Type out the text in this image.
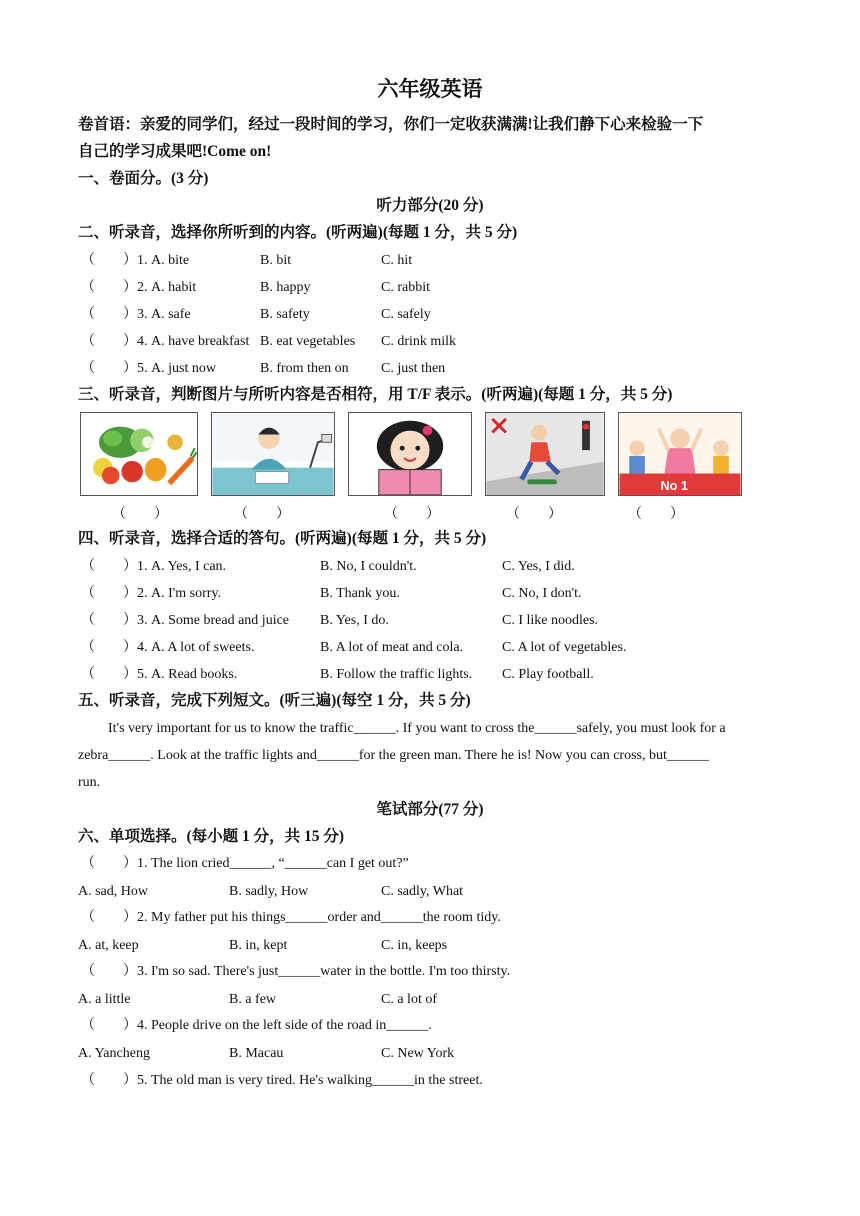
六年级英语
卷首语：亲爱的同学们，经过一段时间的学习，你们一定收获满满!让我们静下心来检验一下
自己的学习成果吧!Come on!
一、卷面分。(3 分)
听力部分(20 分)
二、听录音，选择你所听到的内容。(听两遍)(每题 1 分，共 5 分)
（　　）1. A. bite	B. bit	C. hit
（　　）2. A. habit	B. happy	C. rabbit
（　　）3. A. safe	B. safety	C. safely
（　　）4. A. have breakfast B. eat vegetables C. drink milk
（　　）5. A. just now	B. from then on C. just then
三、听录音，判断图片与所听内容是否相符，用 T/F 表示。(听两遍)(每题 1 分，共 5 分)
No 1
（　　）	（　　）	（　　）	（　　）	（　　）
四、听录音，选择合适的答句。(听两遍)(每题 1 分，共 5 分)
（　　）1. A. Yes, I can.	B. No, I couldn't.	C. Yes, I did.
（　　）2. A. I'm sorry.	B. Thank you.	C. No, I don't.
（　　）3. A. Some bread and juice B. Yes, I do.	C. I like noodles.
（　　）4. A. A lot of sweets.	B. A lot of meat and cola.	C. A lot of vegetables.
（　　）5. A. Read books.	B. Follow the traffic lights. C. Play football.
五、听录音，完成下列短文。(听三遍)(每空 1 分，共 5 分)
It's very important for us to know the traffic______. If you want to cross the______safely, you must look for a
zebra______. Look at the traffic lights and______for the green man. There he is! Now you can cross, but______
run.
笔试部分(77 分)
六、单项选择。(每小题 1 分，共 15 分)
（　　）1. The lion cried______, “______can I get out?”
A. sad, How	B. sadly, How	C. sadly, What
（　　）2. My father put his things______order and______the room tidy.
A. at, keep	B. in, kept	C. in, keeps
（　　）3. I'm so sad. There's just______water in the bottle. I'm too thirsty.
A. a little	B. a few	C. a lot of
（　　）4. People drive on the left side of the road in______.
A. Yancheng	B. Macau	C. New York
（　　）5. The old man is very tired. He's walking______in the street.
